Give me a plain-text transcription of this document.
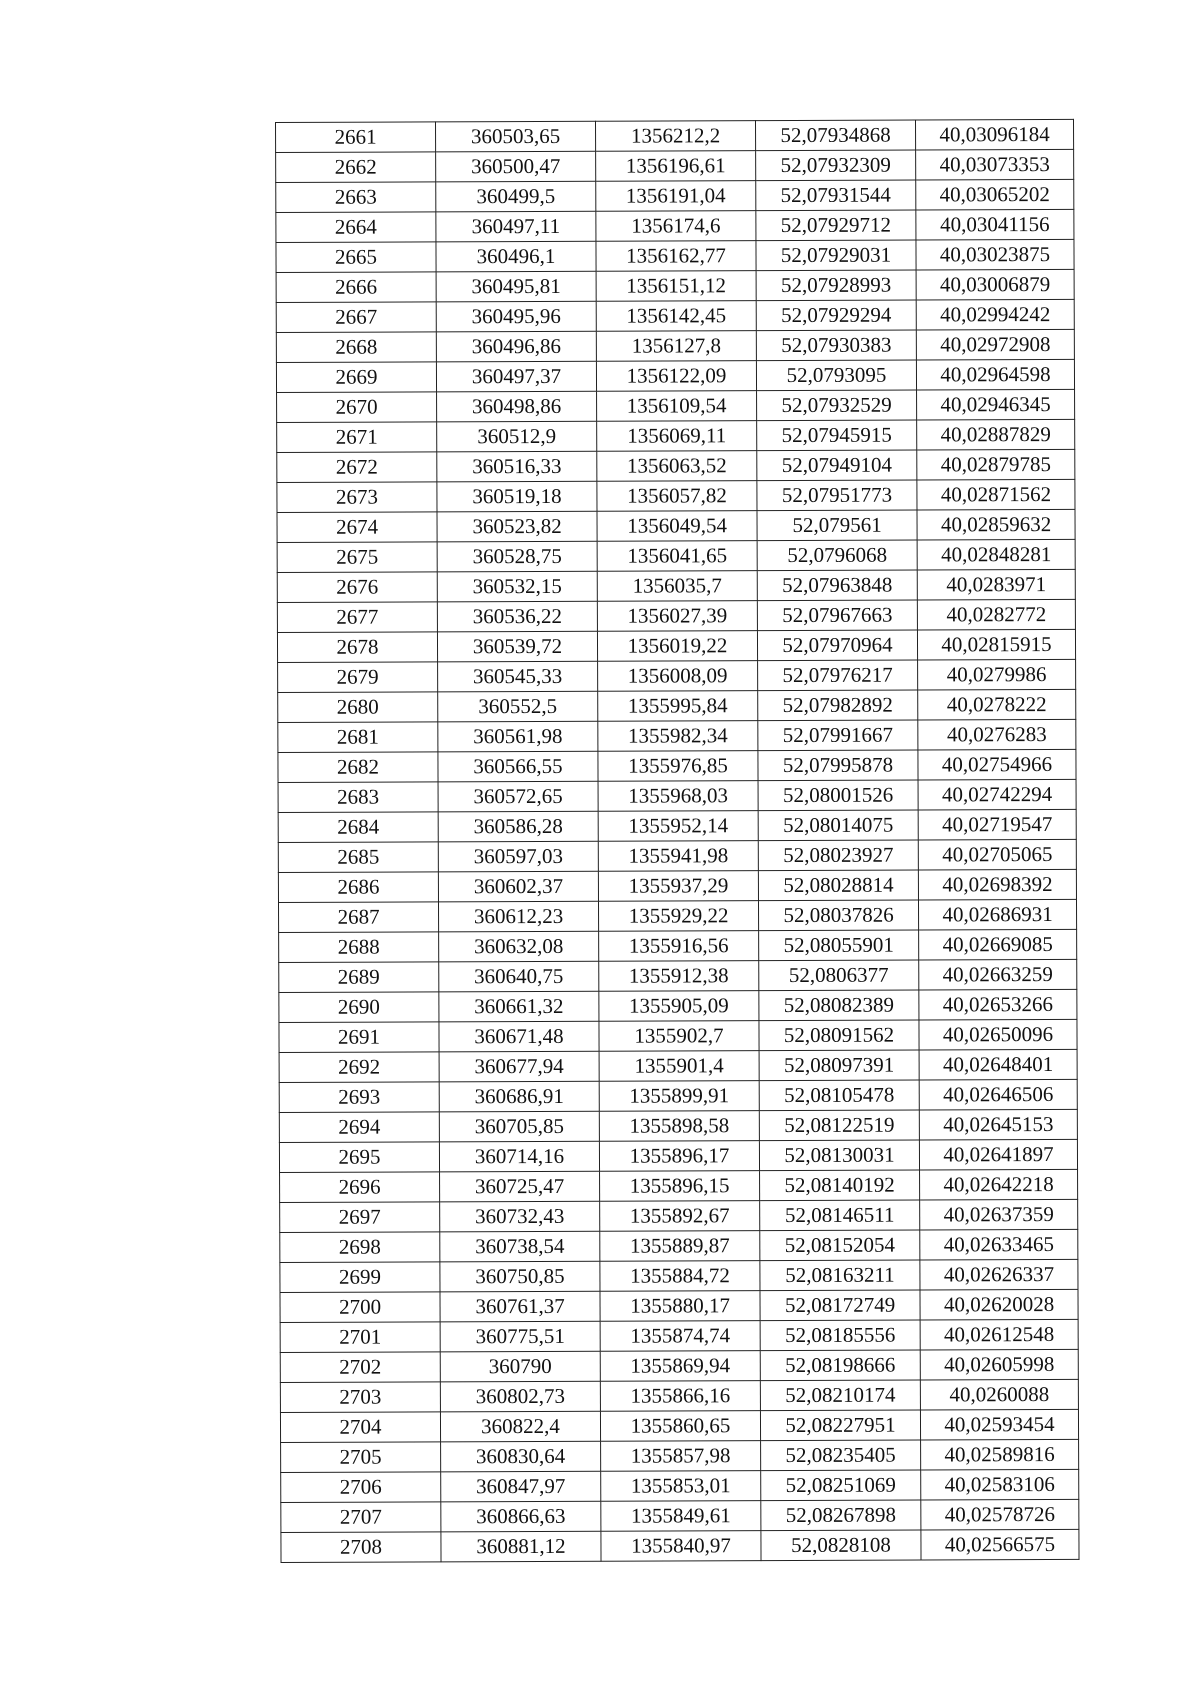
2661	360503,65	1356212,2	52,07934868	40,03096184
2662	360500,47	1356196,61	52,07932309	40,03073353
2663	360499,5	1356191,04	52,07931544	40,03065202
2664	360497,11	1356174,6	52,07929712	40,03041156
2665	360496,1	1356162,77	52,07929031	40,03023875
2666	360495,81	1356151,12	52,07928993	40,03006879
2667	360495,96	1356142,45	52,07929294	40,02994242
2668	360496,86	1356127,8	52,07930383	40,02972908
2669	360497,37	1356122,09	52,0793095	40,02964598
2670	360498,86	1356109,54	52,07932529	40,02946345
2671	360512,9	1356069,11	52,07945915	40,02887829
2672	360516,33	1356063,52	52,07949104	40,02879785
2673	360519,18	1356057,82	52,07951773	40,02871562
2674	360523,82	1356049,54	52,079561	40,02859632
2675	360528,75	1356041,65	52,0796068	40,02848281
2676	360532,15	1356035,7	52,07963848	40,0283971
2677	360536,22	1356027,39	52,07967663	40,0282772
2678	360539,72	1356019,22	52,07970964	40,02815915
2679	360545,33	1356008,09	52,07976217	40,0279986
2680	360552,5	1355995,84	52,07982892	40,0278222
2681	360561,98	1355982,34	52,07991667	40,0276283
2682	360566,55	1355976,85	52,07995878	40,02754966
2683	360572,65	1355968,03	52,08001526	40,02742294
2684	360586,28	1355952,14	52,08014075	40,02719547
2685	360597,03	1355941,98	52,08023927	40,02705065
2686	360602,37	1355937,29	52,08028814	40,02698392
2687	360612,23	1355929,22	52,08037826	40,02686931
2688	360632,08	1355916,56	52,08055901	40,02669085
2689	360640,75	1355912,38	52,0806377	40,02663259
2690	360661,32	1355905,09	52,08082389	40,02653266
2691	360671,48	1355902,7	52,08091562	40,02650096
2692	360677,94	1355901,4	52,08097391	40,02648401
2693	360686,91	1355899,91	52,08105478	40,02646506
2694	360705,85	1355898,58	52,08122519	40,02645153
2695	360714,16	1355896,17	52,08130031	40,02641897
2696	360725,47	1355896,15	52,08140192	40,02642218
2697	360732,43	1355892,67	52,08146511	40,02637359
2698	360738,54	1355889,87	52,08152054	40,02633465
2699	360750,85	1355884,72	52,08163211	40,02626337
2700	360761,37	1355880,17	52,08172749	40,02620028
2701	360775,51	1355874,74	52,08185556	40,02612548
2702	360790	1355869,94	52,08198666	40,02605998
2703	360802,73	1355866,16	52,08210174	40,0260088
2704	360822,4	1355860,65	52,08227951	40,02593454
2705	360830,64	1355857,98	52,08235405	40,02589816
2706	360847,97	1355853,01	52,08251069	40,02583106
2707	360866,63	1355849,61	52,08267898	40,02578726
2708	360881,12	1355840,97	52,0828108	40,02566575
